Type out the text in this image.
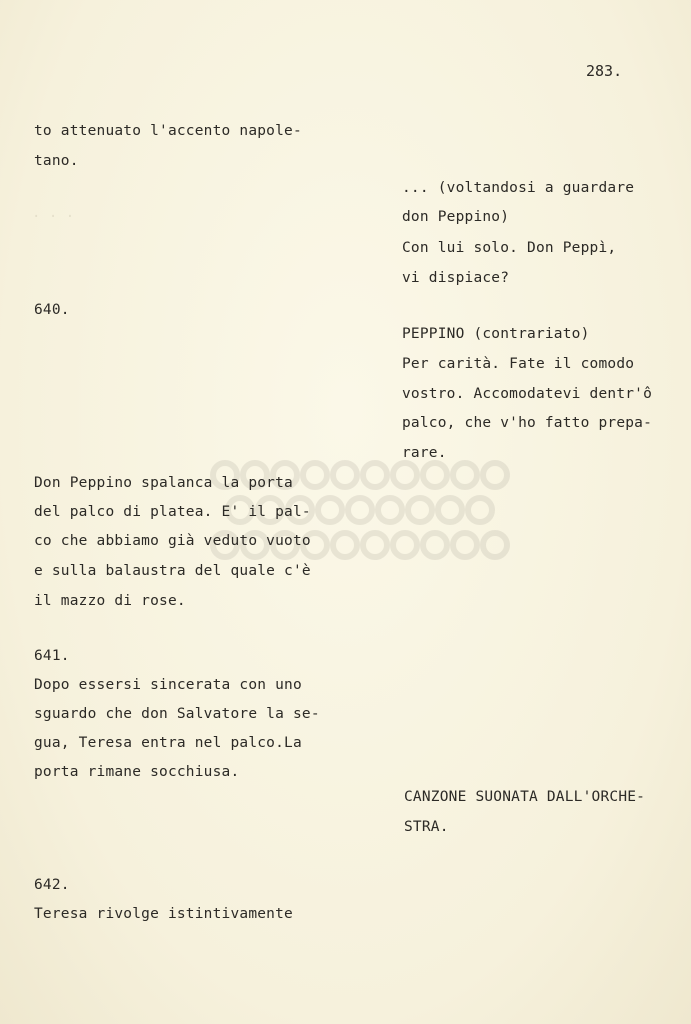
283.
. . .
to attenuato l'accento napole-
tano.
640.
Don Peppino spalanca la porta
del palco di platea. E' il pal-
co che abbiamo già veduto vuoto
e sulla balaustra del quale c'è
il mazzo di rose.
641.
Dopo essersi sincerata con uno
sguardo che don Salvatore la se-
gua, Teresa entra nel palco.La
porta rimane socchiusa.
642.
Teresa rivolge istintivamente
... (voltandosi a guardare
don Peppino)
Con lui solo. Don Peppì,
vi dispiace?
PEPPINO (contrariato)
Per carità. Fate il comodo
vostro. Accomodatevi dentr'ô
palco, che v'ho fatto prepa-
rare.
CANZONE SUONATA DALL'ORCHE-
STRA.
